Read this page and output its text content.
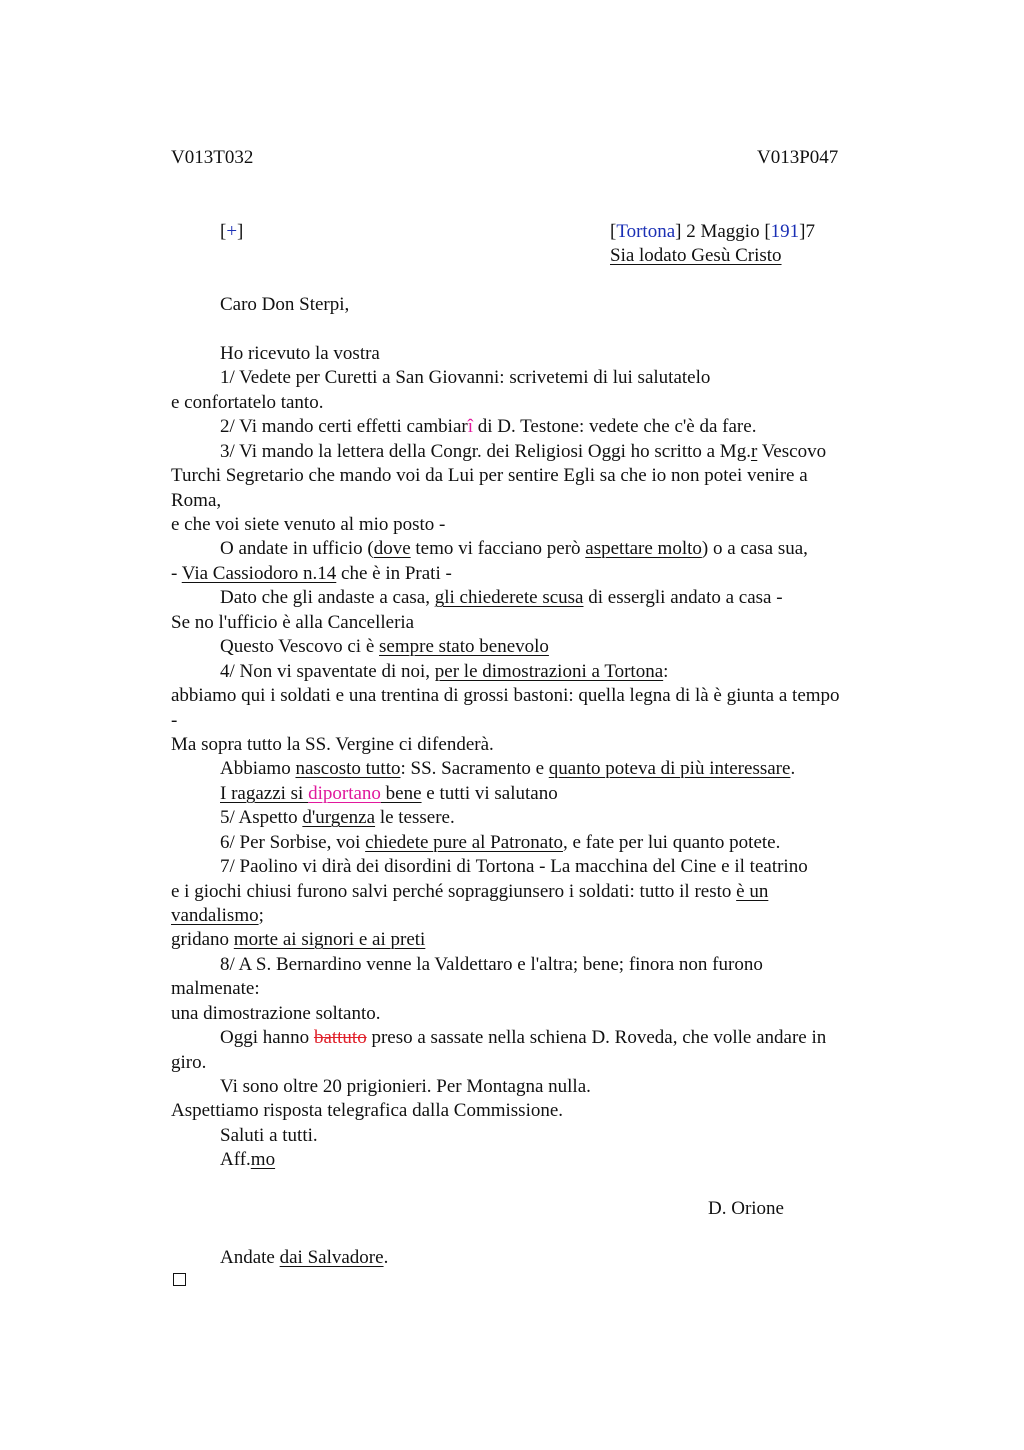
V013T032	V013P047
[+]	[Tortona] 2 Maggio [191]7
Sia lodato Gesù Cristo
Caro Don Sterpi,
Ho ricevuto la vostra
1/ Vedete per Curetti a San Giovanni: scrivetemi di lui salutatelo
e confortatelo tanto.
2/ Vi mando certi effetti cambiarî di D. Testone: vedete che c'è da fare.
3/ Vi mando la lettera della Congr. dei Religiosi Oggi ho scritto a Mg.r Vescovo
Turchi Segretario che mando voi da Lui per sentire Egli sa che io non potei venire a
Roma,
e che voi siete venuto al mio posto -
O andate in ufficio (dove temo vi facciano però aspettare molto) o a casa sua,
- Via Cassiodoro n.14 che è in Prati -
Dato che gli andaste a casa, gli chiederete scusa di essergli andato a casa -
Se no l'ufficio è alla Cancelleria
Questo Vescovo ci è sempre stato benevolo
4/ Non vi spaventate di noi, per le dimostrazioni a Tortona:
abbiamo qui i soldati e una trentina di grossi bastoni: quella legna di là è giunta a tempo
-
Ma sopra tutto la SS. Vergine ci difenderà.
Abbiamo nascosto tutto: SS. Sacramento e quanto poteva di più interessare.
I ragazzi si diportano bene e tutti vi salutano
5/ Aspetto d'urgenza le tessere.
6/ Per Sorbise, voi chiedete pure al Patronato, e fate per lui quanto potete.
7/ Paolino vi dirà dei disordini di Tortona - La macchina del Cine e il teatrino
e i giochi chiusi furono salvi perché sopraggiunsero i soldati: tutto il resto è un
vandalismo;
gridano morte ai signori e ai preti
8/ A S. Bernardino venne la Valdettaro e l'altra; bene; finora non furono
malmenate:
una dimostrazione soltanto.
Oggi hanno battuto preso a sassate nella schiena D. Roveda, che volle andare in
giro.
Vi sono oltre 20 prigionieri. Per Montagna nulla.
Aspettiamo risposta telegrafica dalla Commissione.
Saluti a tutti.
Aff.mo
D. Orione
Andate dai Salvadore.
